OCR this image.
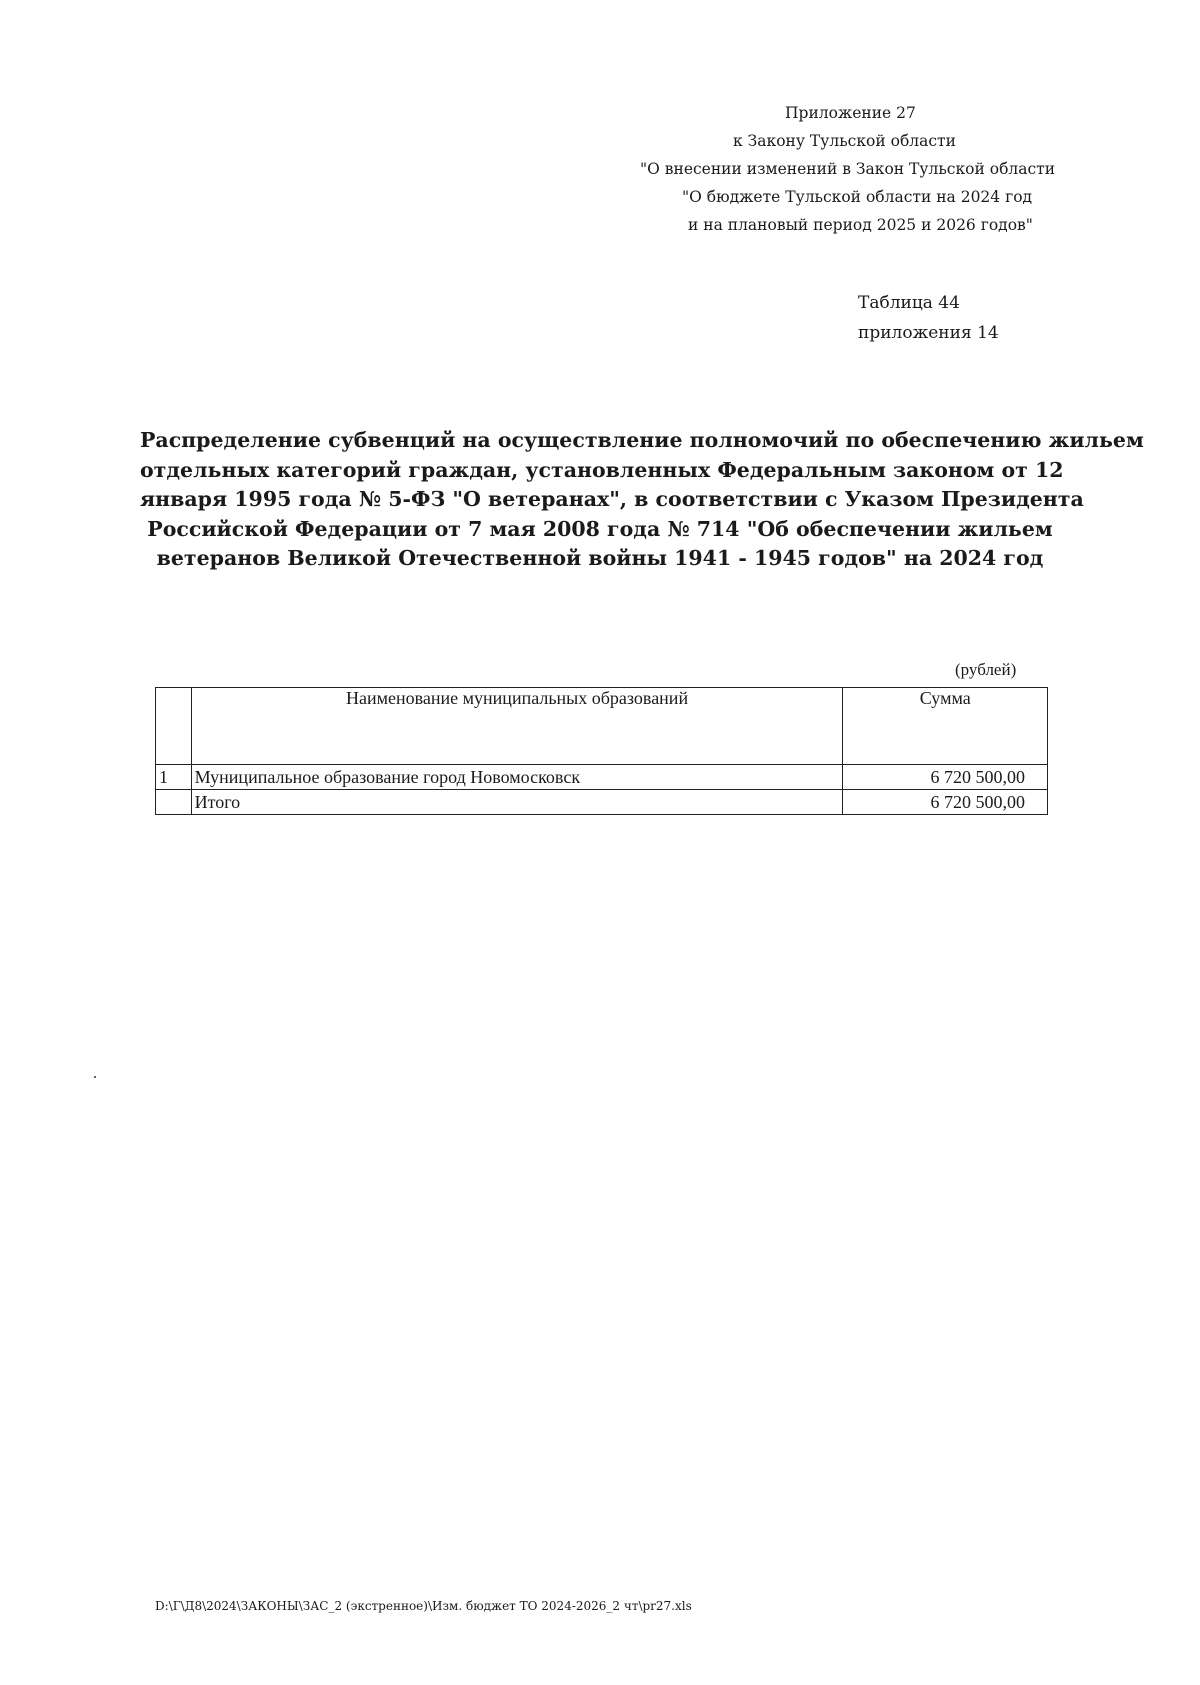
Приложение 27
к Закону Тульской области
"О внесении изменений в Закон Тульской области
"О бюджете Тульской области на 2024 год
и на плановый период 2025 и 2026 годов"
Таблица 44
приложения 14
Распределение субвенций на осуществление полномочий по обеспечению жильем
отдельных категорий граждан, установленных Федеральным законом от 12
января 1995 года № 5-ФЗ "О ветеранах", в соответствии с Указом Президента
Российской Федерации от 7 мая 2008 года № 714 "Об обеспечении жильем
ветеранов Великой Отечественной войны 1941 - 1945 годов" на 2024 год
(рублей)
	Наименование муниципальных образований	Сумма
1	Муниципальное образование город Новомосковск	6 720 500,00
	Итого	6 720 500,00
D:\Г\Д8\2024\ЗАКОНЫ\ЗАС_2 (экстренное)\Изм. бюджет ТО 2024-2026_2 чт\pr27.xls
